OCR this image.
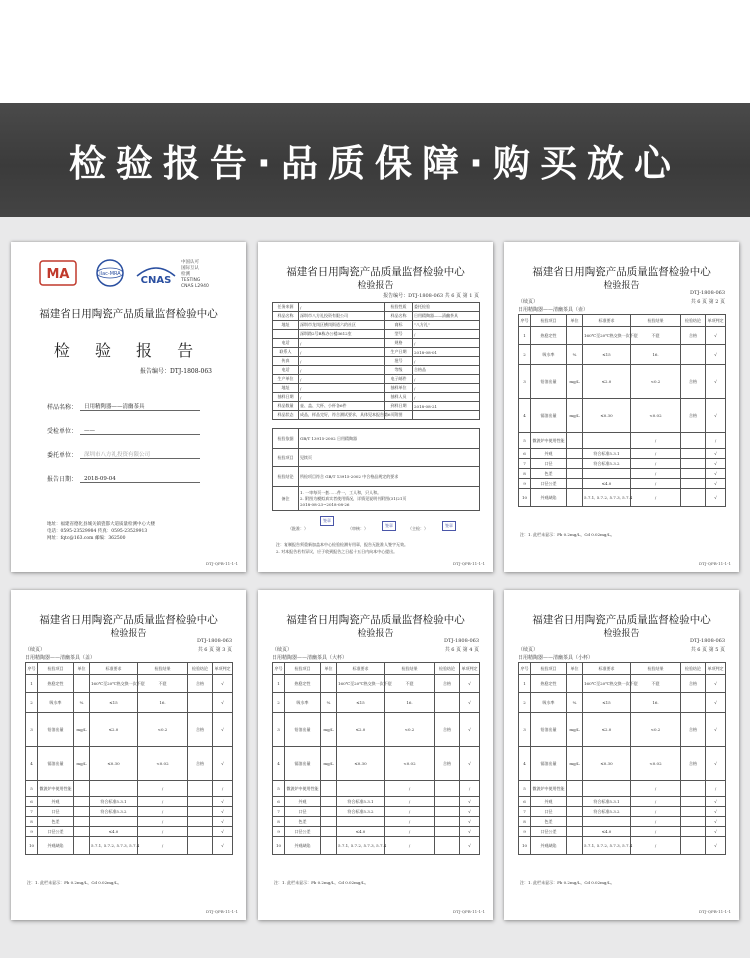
检验报告·品质保障·购买放心
MA	ilac-MRA
CNAS
中国认可
国际互认
检测
TESTING
CNAS L2940
福建省日用陶瓷产品质量监督检验中心
检 验 报 告
报告编号：DTJ-1808-063
样品名称：	日用精陶器——清幽茶具
受检单位：	——
委托单位：	深圳市八方礼投资有限公司
报告日期：	2018-09-04
地址：福建省德化县城关镇瓷都大道质量检测中心大楼
电话：0595-23529984 传真：0595-23529913
网址：fqtc@163.com 邮编：362500
DTJ-QPB-11-1-1
福建省日用陶瓷产品质量监督检验中心
检验报告
报告编号：DTJ-1808-063 共 6 页 第 1 页
任务来源	/	检验性质	委托检验
样品名称	深圳市八方礼投资有限公司	样品名称	日用精陶器——清幽茶具
地址	深圳市龙岗区横岗街道六约社区	商标	"八方礼"
	深圳路2号B栋办公楼3612室	型号	/
电话	/	规格	/
联系人	/	生产日期	2018-08-01
传真	/	批号	/
电话	/	等级	合格品
生产单位	/	电子邮件	/
地址	/	抽样单位	/
抽样日期	/	抽样人员	/
样品数量	壶、盖、大杯、小杯各6件	到样日期	2018-08-21
样品状态	成品，样品完好，符合测试要求，具体见本报告第6页附图		
检验依据	GB/T 13915-2002 日用精陶器
检验项目	见续页
检验结论	所检项目符合 GB/T 13915-2002 中合格品规定的要求
备注	1. 一审每页一套……件一，工人和，只人和。
2. 附图为模拟真实者使用情况，详情见说明书附图(31)21页
2018-08-23~2018-08-26
（批准：）	（审核：）	（主检：）
签章
签章	签章
注：复制报告须重新加盖本中心检验检测专用章，报告无批准人签字无效。
2. 对本报告若有异议，应于收到报告之日起十五日内向本中心提出。
DTJ-QPB-11-1-1
福建省日用陶瓷产品质量监督检验中心
检验报告
DTJ-1808-063
共 6 页 第 2 页
（续页）
日用精陶器——清幽茶具（壶）
序号	检验项目	单位	标准要求	检验结果	检验结论	单项判定
1	热稳定性		160℃至20℃热交换一次不裂	不裂	合格	√
2	吸水率	%	≤15	16.		√
3	铅溶出量	mg/L	≤2.0	<0.2	合格	√
4	镉溶出量	mg/L	≤0.30	<0.02	合格	√
5	微波炉中使用性能			/		/
6	外观		符合标准5.3.1	/		√
7	口径		符合标准5.3.2	/		√
8	色差			/		√
9	口径公差		≤4.0	/		√
10	外观缺陷		5.7.1, 5.7.2, 5.7.3, 5.7.4	/		√
注：1. 此栏未显示：Pb 0.2mg/L，Cd 0.02mg/L。
DTJ-QPB-11-1-1
福建省日用陶瓷产品质量监督检验中心
检验报告
DTJ-1808-063
共 6 页 第 3 页
（续页）
日用精陶器——清幽茶具（盖）
序号	检验项目	单位	标准要求	检验结果	检验结论	单项判定
1	热稳定性		160℃至20℃热交换一次不裂	不裂	合格	√
2	吸水率	%	≤15	16.		√
3	铅溶出量	mg/L	≤2.0	<0.2	合格	√
4	镉溶出量	mg/L	≤0.30	<0.02	合格	√
5	微波炉中使用性能			/		/
6	外观		符合标准5.3.1	/		√
7	口径		符合标准5.3.2	/		√
8	色差			/		√
9	口径公差		≤4.0	/		√
10	外观缺陷		5.7.1, 5.7.2, 5.7.3, 5.7.4	/		√
注：1. 此栏未显示：Pb 0.2mg/L，Cd 0.02mg/L。
DTJ-QPB-11-1-1
福建省日用陶瓷产品质量监督检验中心
检验报告
DTJ-1808-063
共 6 页 第 4 页
（续页）
日用精陶器——清幽茶具（大杯）
序号	检验项目	单位	标准要求	检验结果	检验结论	单项判定
1	热稳定性		160℃至20℃热交换一次不裂	不裂	合格	√
2	吸水率	%	≤15	16.		√
3	铅溶出量	mg/L	≤2.0	<0.2	合格	√
4	镉溶出量	mg/L	≤0.30	<0.02	合格	√
5	微波炉中使用性能			/		/
6	外观		符合标准5.3.1	/		√
7	口径		符合标准5.3.2	/		√
8	色差			/		√
9	口径公差		≤4.0	/		√
10	外观缺陷		5.7.1, 5.7.2, 5.7.3, 5.7.4	/		√
注：1. 此栏未显示：Pb 0.2mg/L，Cd 0.02mg/L。
DTJ-QPB-11-1-1
福建省日用陶瓷产品质量监督检验中心
检验报告
DTJ-1808-063
共 6 页 第 5 页
（续页）
日用精陶器——清幽茶具（小杯）
序号	检验项目	单位	标准要求	检验结果	检验结论	单项判定
1	热稳定性		160℃至20℃热交换一次不裂	不裂	合格	√
2	吸水率	%	≤15	16.		√
3	铅溶出量	mg/L	≤2.0	<0.2	合格	√
4	镉溶出量	mg/L	≤0.30	<0.02	合格	√
5	微波炉中使用性能			/		/
6	外观		符合标准5.3.1	/		√
7	口径		符合标准5.3.2	/		√
8	色差			/		√
9	口径公差		≤4.0	/		√
10	外观缺陷		5.7.1, 5.7.2, 5.7.3, 5.7.4	/		√
注：1. 此栏未显示：Pb 0.2mg/L，Cd 0.02mg/L。
DTJ-QPB-11-1-1
